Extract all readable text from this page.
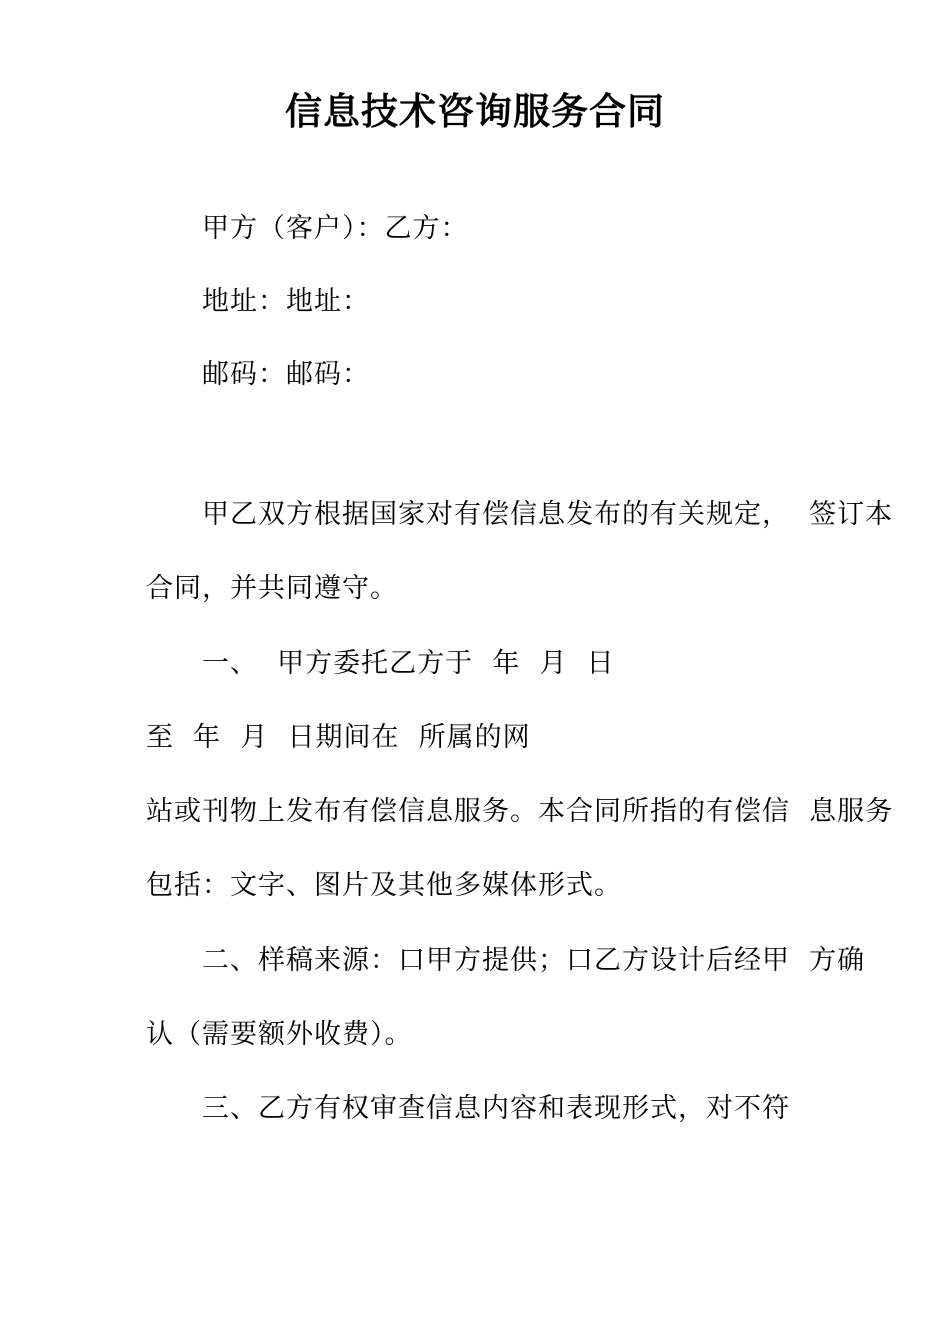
信息技术咨询服务合同
甲方（客户）：乙方：
地址：地址：
邮码：邮码：
甲乙双方根据国家对有偿信息发布的有关规定，  签订本
合同，并共同遵守。
一、  甲方委托乙方于  年  月  日
至  年  月  日期间在  所属的网
站或刊物上发布有偿信息服务。本合同所指的有偿信  息服务
包括：文字、图片及其他多媒体形式。
二、样稿来源：口甲方提供；口乙方设计后经甲  方确
认（需要额外收费）。
三、乙方有权审查信息内容和表现形式，对不符
